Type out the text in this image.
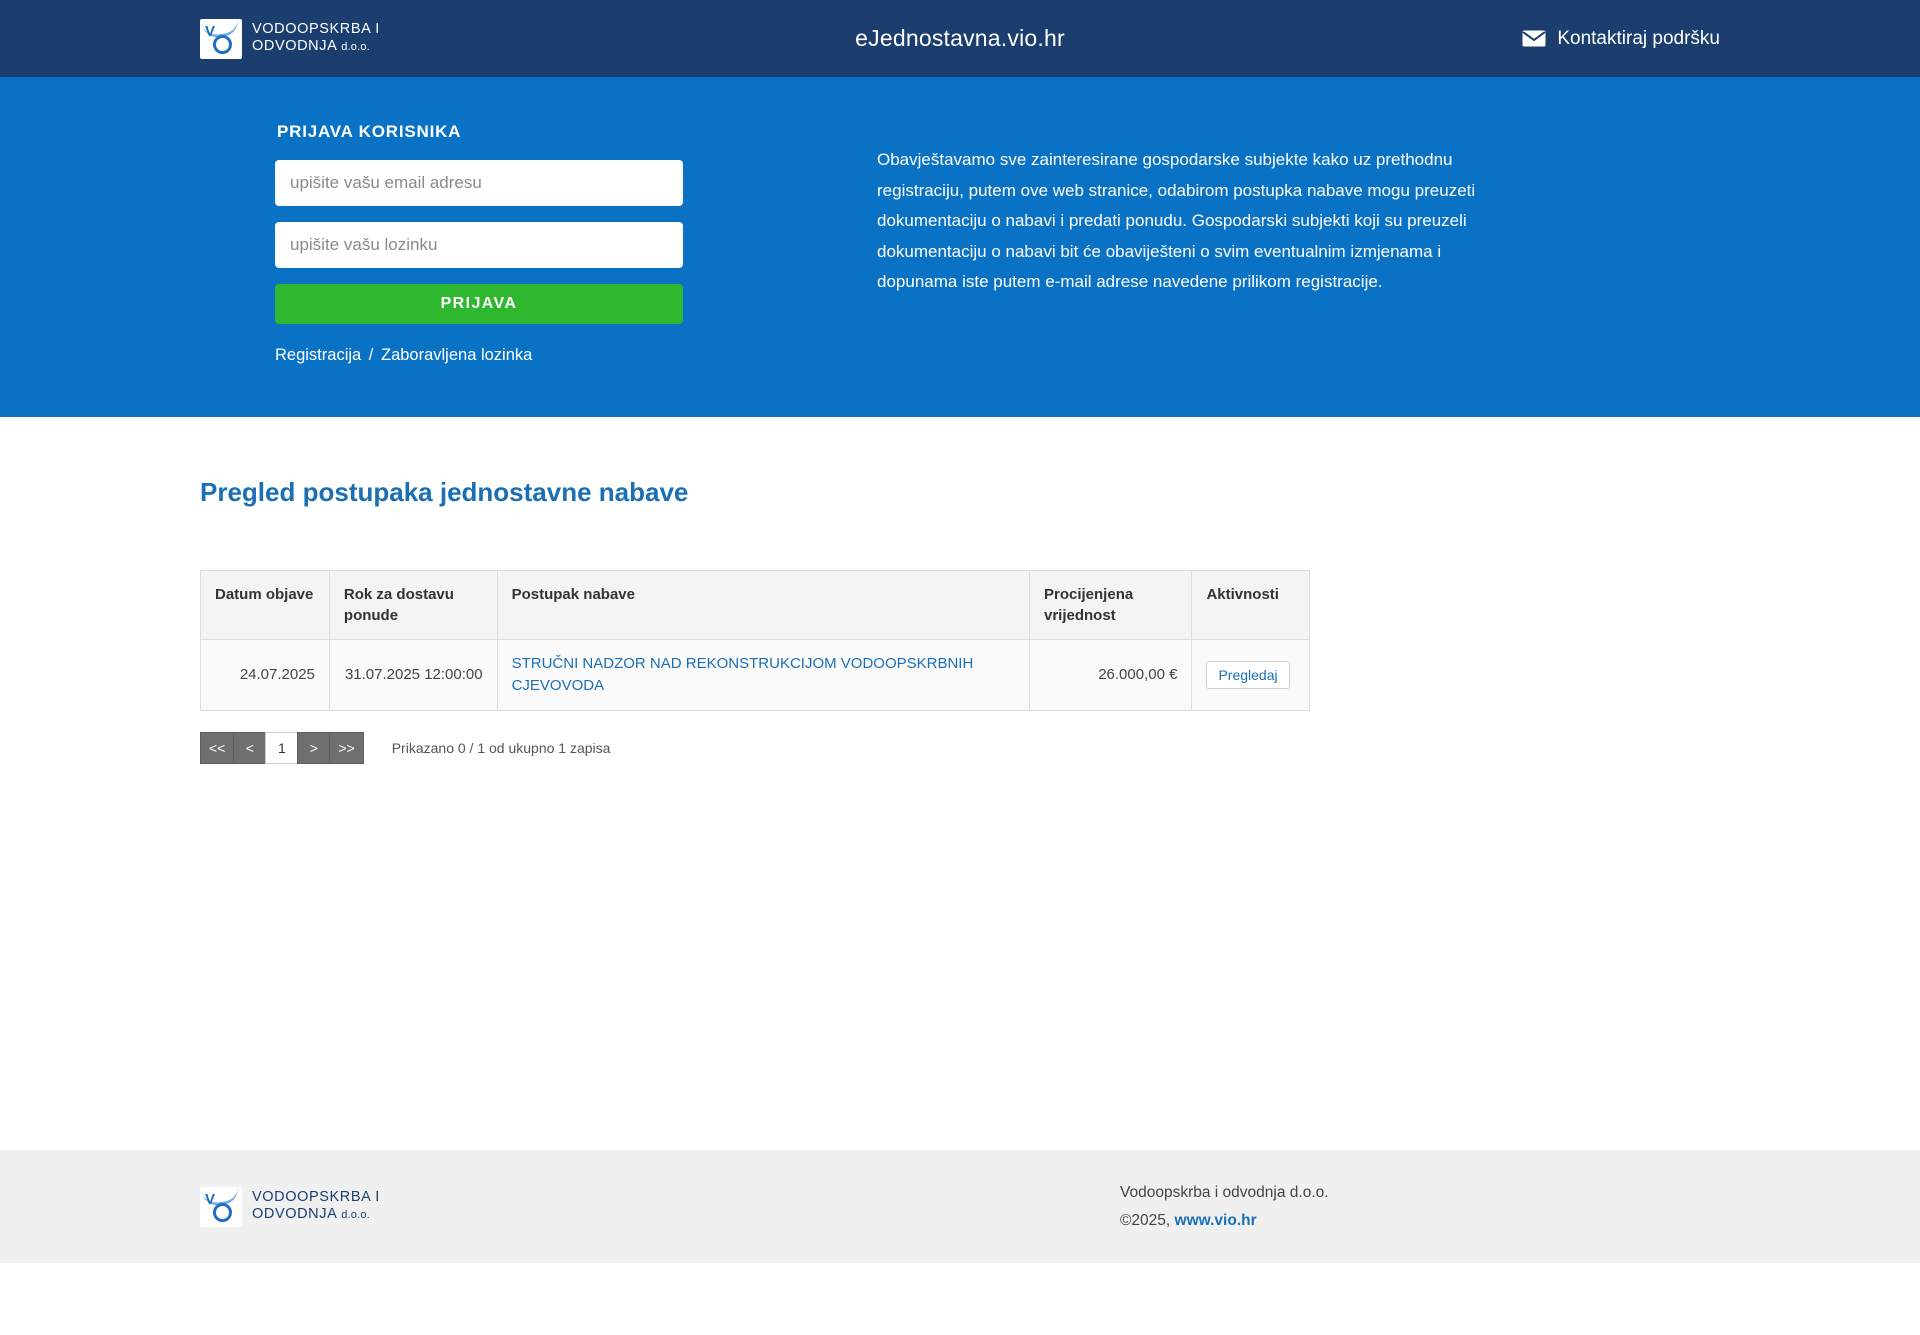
V	VODOOPSKRBA I
ODVODNJA d.o.o.	eJednostavna.vio.hr	Kontaktiraj podršku
PRIJAVA KORISNIKA
upišite vašu email adresu
PRIJAVA
Registracija / Zaboravljena lozinka
Obavještavamo sve zainteresirane gospodarske subjekte kako uz prethodnu registraciju, putem ove web stranice, odabirom postupka nabave mogu preuzeti dokumentaciju o nabavi i predati ponudu. Gospodarski subjekti koji su preuzeli dokumentaciju o nabavi bit će obaviješteni o svim eventualnim izmjenama i dopunama iste putem e-mail adrese navedene prilikom registracije.
Pregled postupaka jednostavne nabave
Datum objave	Rok za dostavu ponude	Postupak nabave	Procijenjena vrijednost	Aktivnosti
24.07.2025	31.07.2025 12:00:00	STRUČNI NADZOR NAD REKONSTRUKCIJOM VODOOPSKRBNIH CJEVOVODA	26.000,00 €	Pregledaj
<<	<	1	>	>>	Prikazano 0 / 1 od ukupno 1 zapisa
V	VODOOPSKRBA I
ODVODNJA d.o.o.
Vodoopskrba i odvodnja d.o.o.
©2025, www.vio.hr
